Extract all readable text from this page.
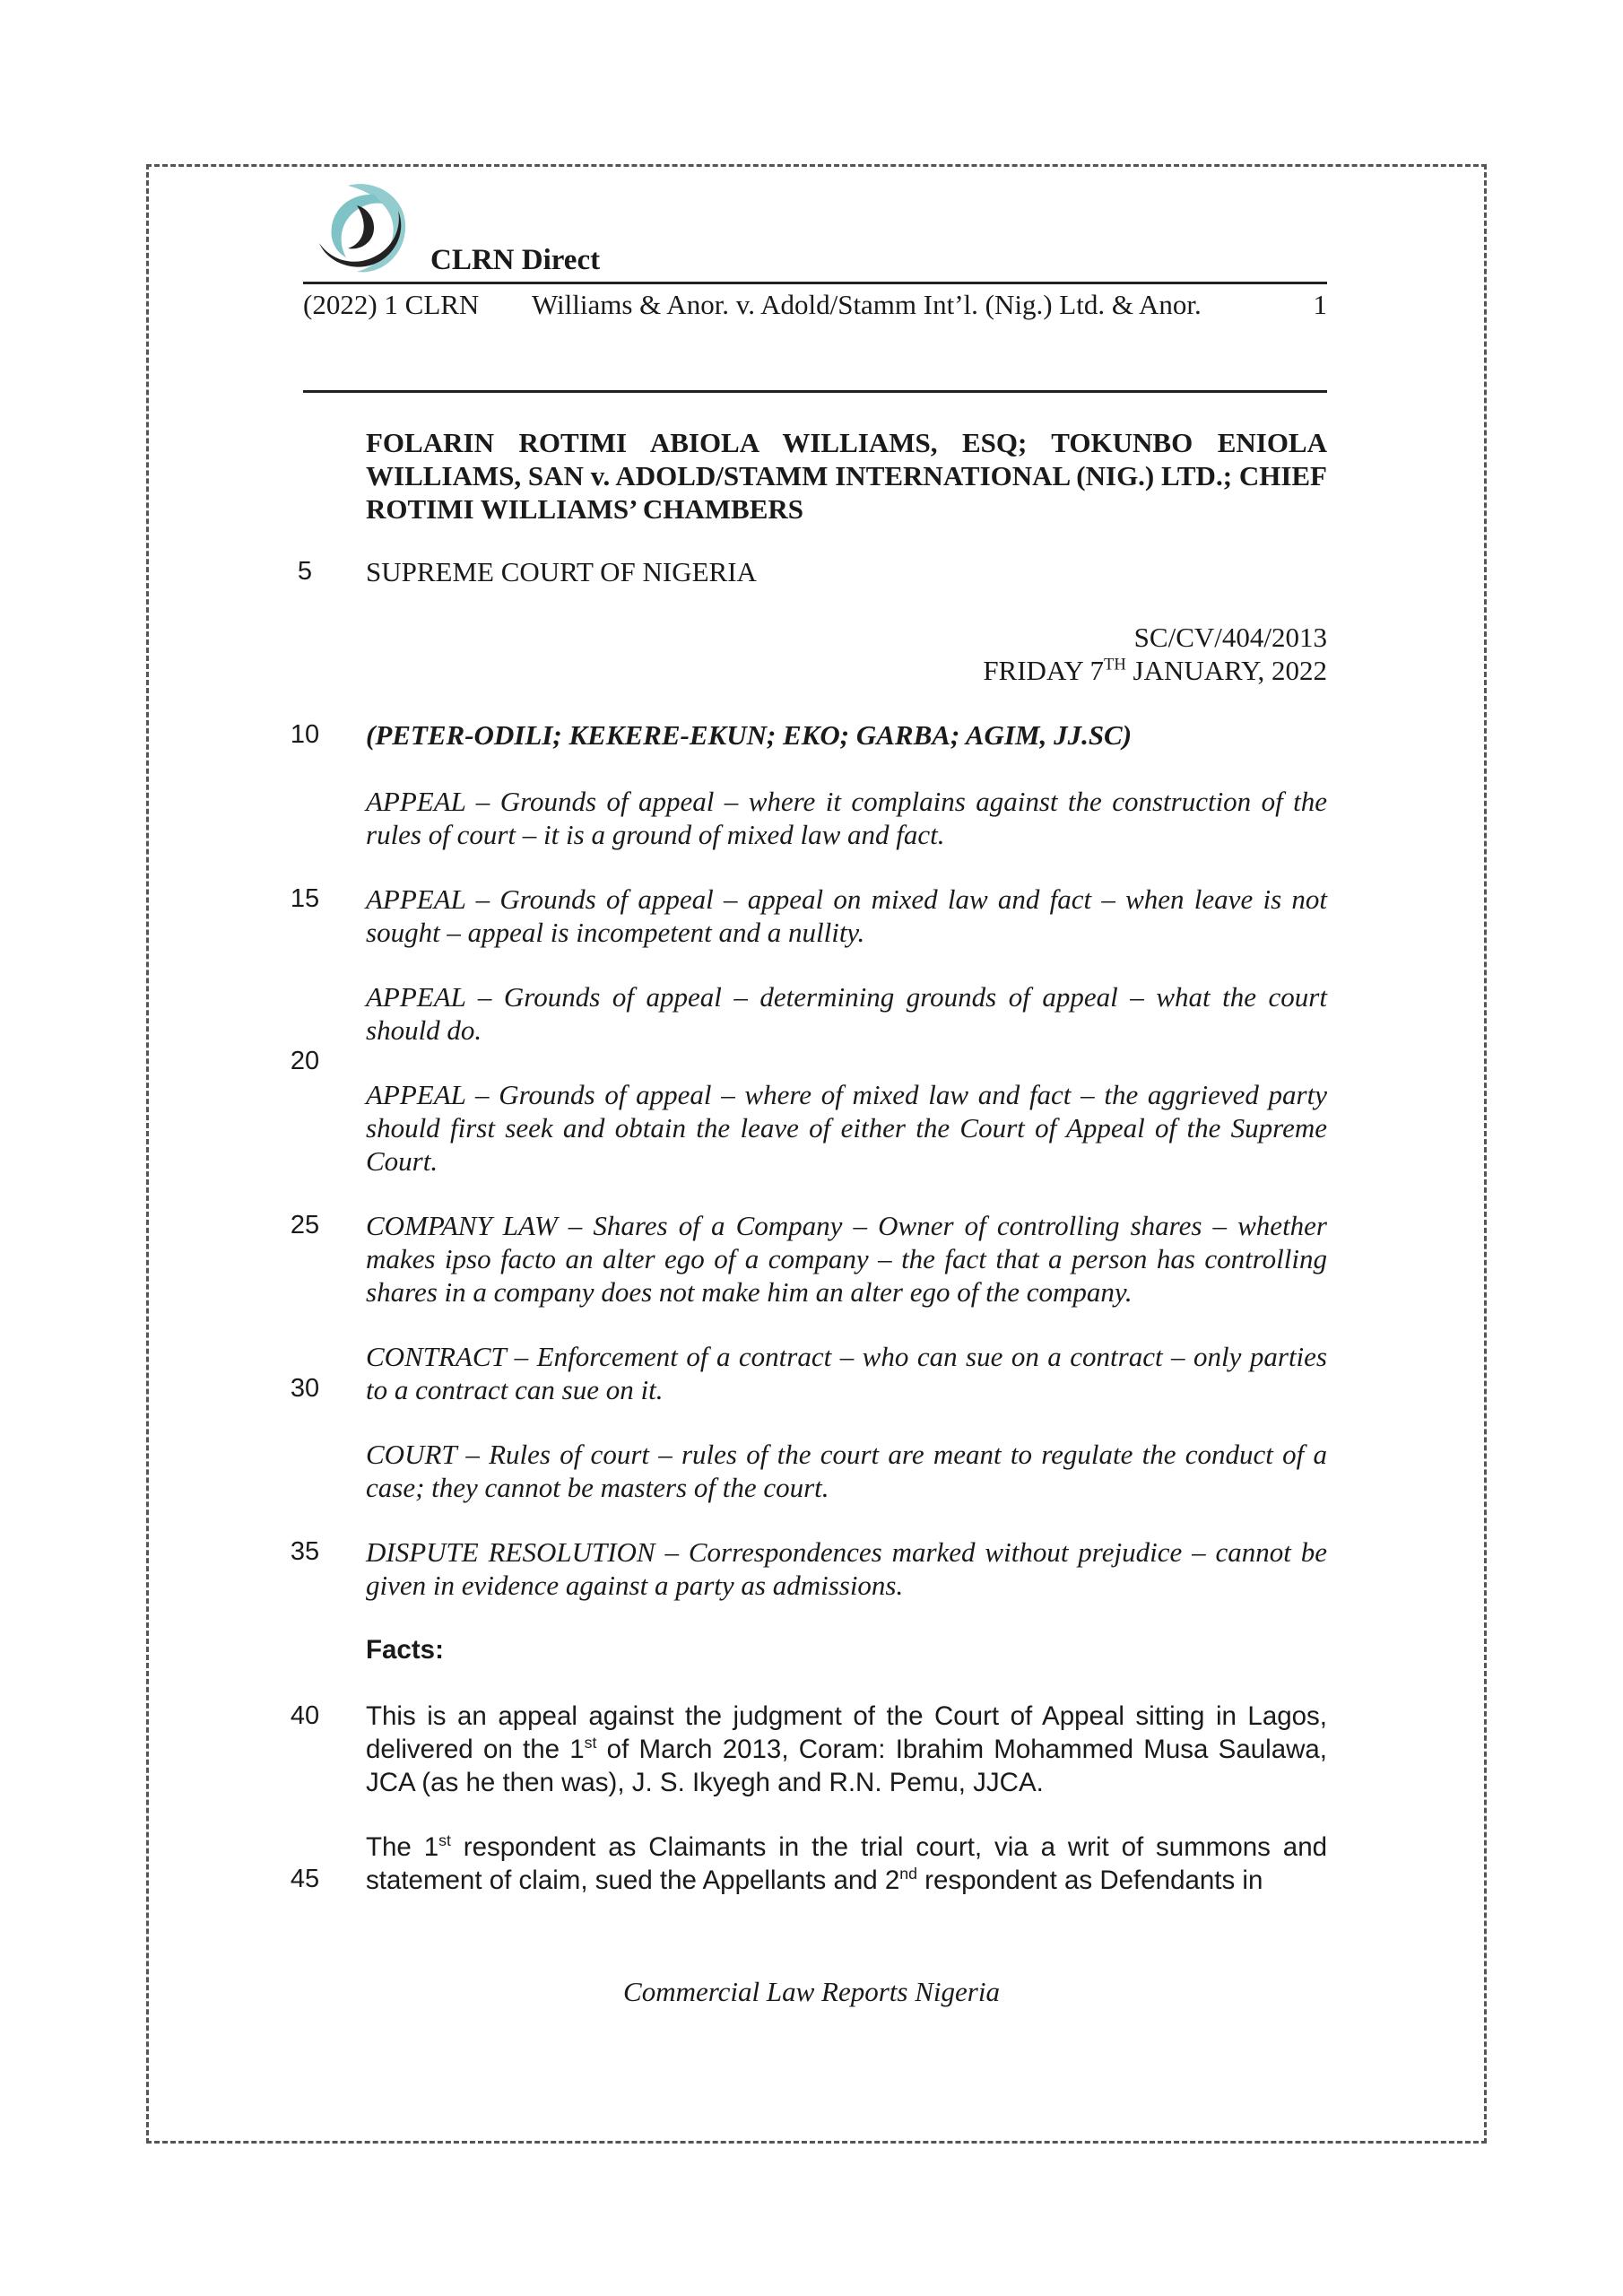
CLRN Direct
(2022) 1 CLRN Williams & Anor. v. Adold/Stamm Int’l. (Nig.) Ltd. & Anor.	1
FOLARIN ROTIMI ABIOLA WILLIAMS, ESQ; TOKUNBO ENIOLA WILLIAMS, SAN v. ADOLD/STAMM INTERNATIONAL (NIG.) LTD.; CHIEF ROTIMI WILLIAMS’ CHAMBERS
5	SUPREME COURT OF NIGERIA
SC/CV/404/2013
FRIDAY 7TH JANUARY, 2022
10	(PETER-ODILI; KEKERE-EKUN; EKO; GARBA; AGIM, JJ.SC)
APPEAL – Grounds of appeal – where it complains against the construction of the rules of court – it is a ground of mixed law and fact.
15	APPEAL – Grounds of appeal – appeal on mixed law and fact – when leave is not sought – appeal is incompetent and a nullity.
APPEAL – Grounds of appeal – determining grounds of appeal – what the court should do.
20
APPEAL – Grounds of appeal – where of mixed law and fact – the aggrieved party should first seek and obtain the leave of either the Court of Appeal of the Supreme Court.
25	COMPANY LAW – Shares of a Company – Owner of controlling shares – whether makes ipso facto an alter ego of a company – the fact that a person has controlling shares in a company does not make him an alter ego of the company.
30
CONTRACT – Enforcement of a contract – who can sue on a contract – only parties to a contract can sue on it.
COURT – Rules of court – rules of the court are meant to regulate the conduct of a case; they cannot be masters of the court.
35	DISPUTE RESOLUTION – Correspondences marked without prejudice – cannot be given in evidence against a party as admissions.
Facts:
40	This is an appeal against the judgment of the Court of Appeal sitting in Lagos, delivered on the 1st of March 2013, Coram: Ibrahim Mohammed Musa Saulawa, JCA (as he then was), J. S. Ikyegh and R.N. Pemu, JJCA.
45
The 1st respondent as Claimants in the trial court, via a writ of summons and statement of claim, sued the Appellants and 2nd respondent as Defendants in
Commercial Law Reports Nigeria
